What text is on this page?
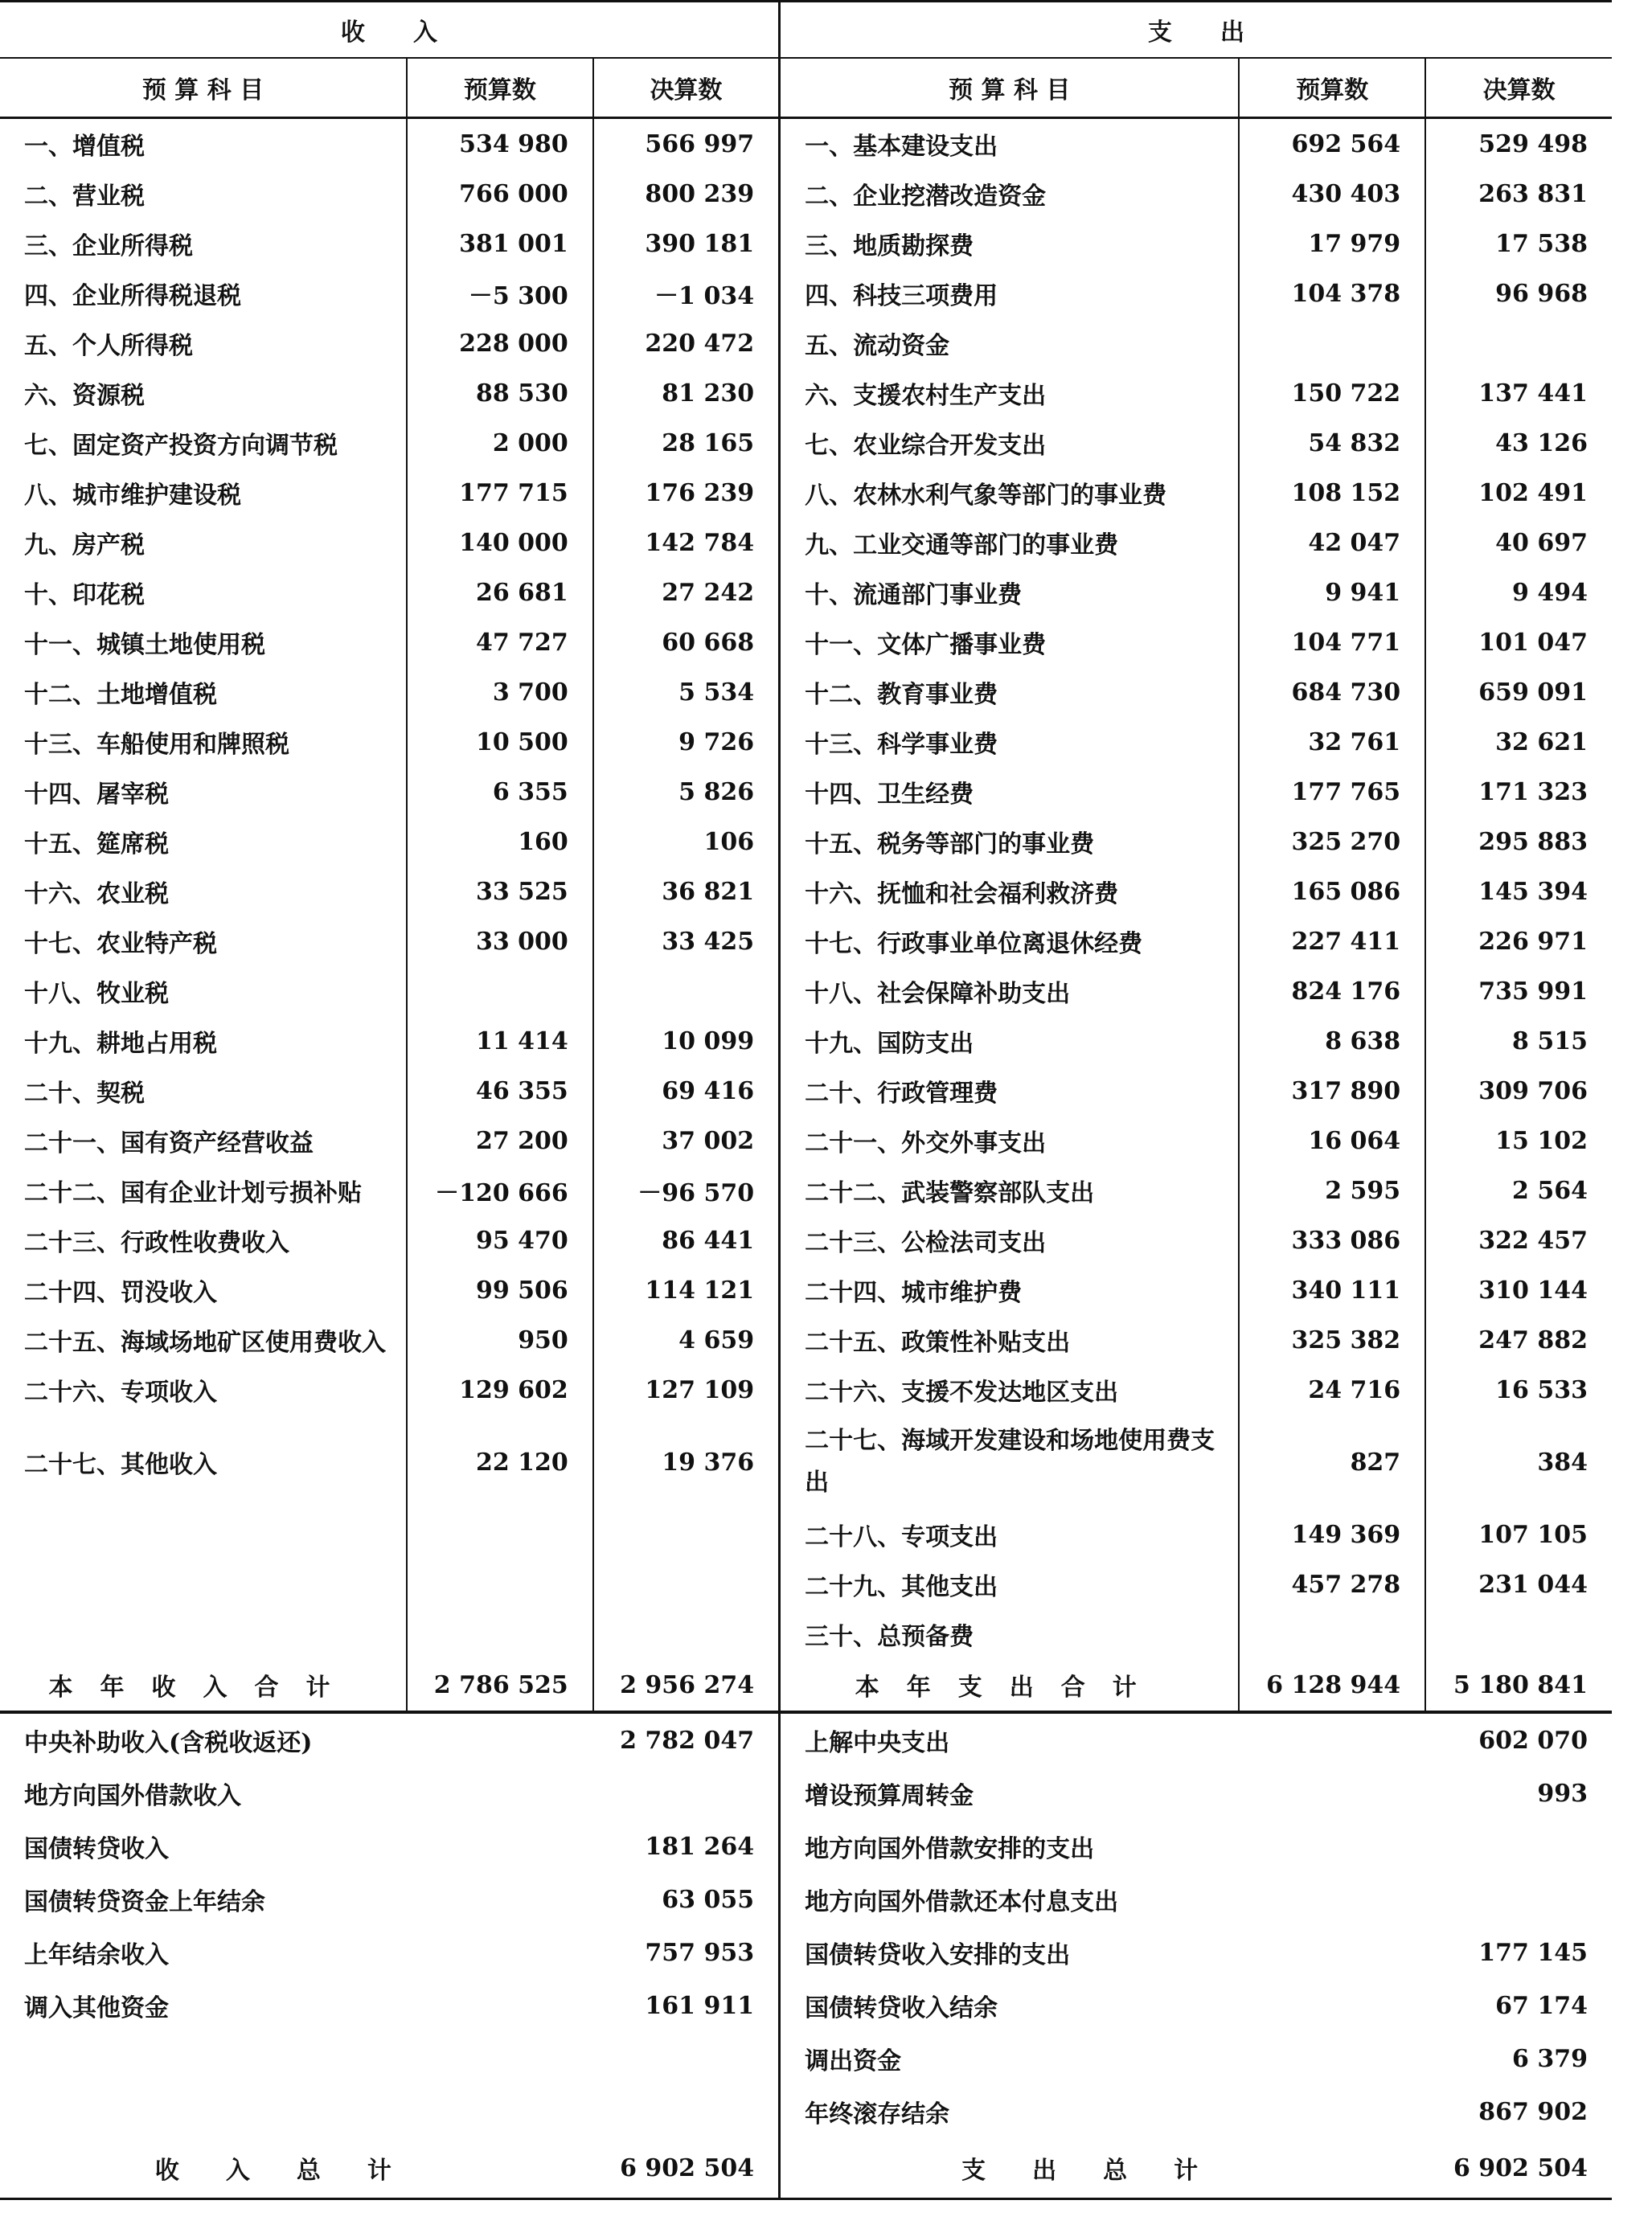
收　　入			支　　出		
预 算 科 目	预算数	决算数	预 算 科 目	预算数	决算数
一、增值税	534 980	566 997	一、基本建设支出	692 564	529 498
二、营业税	766 000	800 239	二、企业挖潜改造资金	430 403	263 831
三、企业所得税	381 001	390 181	三、地质勘探费	17 979	17 538
四、企业所得税退税	－5 300	－1 034	四、科技三项费用	104 378	96 968
五、个人所得税	228 000	220 472	五、流动资金		
六、资源税	88 530	81 230	六、支援农村生产支出	150 722	137 441
七、固定资产投资方向调节税	2 000	28 165	七、农业综合开发支出	54 832	43 126
八、城市维护建设税	177 715	176 239	八、农林水利气象等部门的事业费	108 152	102 491
九、房产税	140 000	142 784	九、工业交通等部门的事业费	42 047	40 697
十、印花税	26 681	27 242	十、流通部门事业费	9 941	9 494
十一、城镇土地使用税	47 727	60 668	十一、文体广播事业费	104 771	101 047
十二、土地增值税	3 700	5 534	十二、教育事业费	684 730	659 091
十三、车船使用和牌照税	10 500	9 726	十三、科学事业费	32 761	32 621
十四、屠宰税	6 355	5 826	十四、卫生经费	177 765	171 323
十五、筵席税	160	106	十五、税务等部门的事业费	325 270	295 883
十六、农业税	33 525	36 821	十六、抚恤和社会福利救济费	165 086	145 394
十七、农业特产税	33 000	33 425	十七、行政事业单位离退休经费	227 411	226 971
十八、牧业税			十八、社会保障补助支出	824 176	735 991
十九、耕地占用税	11 414	10 099	十九、国防支出	8 638	8 515
二十、契税	46 355	69 416	二十、行政管理费	317 890	309 706
二十一、国有资产经营收益	27 200	37 002	二十一、外交外事支出	16 064	15 102
二十二、国有企业计划亏损补贴	－120 666	－96 570	二十二、武装警察部队支出	2 595	2 564
二十三、行政性收费收入	95 470	86 441	二十三、公检法司支出	333 086	322 457
二十四、罚没收入	99 506	114 121	二十四、城市维护费	340 111	310 144
二十五、海域场地矿区使用费收入	950	4 659	二十五、政策性补贴支出	325 382	247 882
二十六、专项收入	129 602	127 109	二十六、支援不发达地区支出	24 716	16 533
二十七、其他收入	22 120	19 376	二十七、海域开发建设和场地使用费支出	827	384
			二十八、专项支出	149 369	107 105
			二十九、其他支出	457 278	231 044
			三十、总预备费		
本年收入合计	2 786 525	2 956 274	本年支出合计	6 128 944	5 180 841
中央补助收入(含税收返还)	2 782 047	上解中央支出	602 070
地方向国外借款收入		增设预算周转金	993
国债转贷收入	181 264	地方向国外借款安排的支出	
国债转贷资金上年结余	63 055	地方向国外借款还本付息支出	
上年结余收入	757 953	国债转贷收入安排的支出	177 145
调入其他资金	161 911	国债转贷收入结余	67 174
		调出资金	6 379
		年终滚存结余	867 902
收入总计	6 902 504	支出总计	6 902 504
